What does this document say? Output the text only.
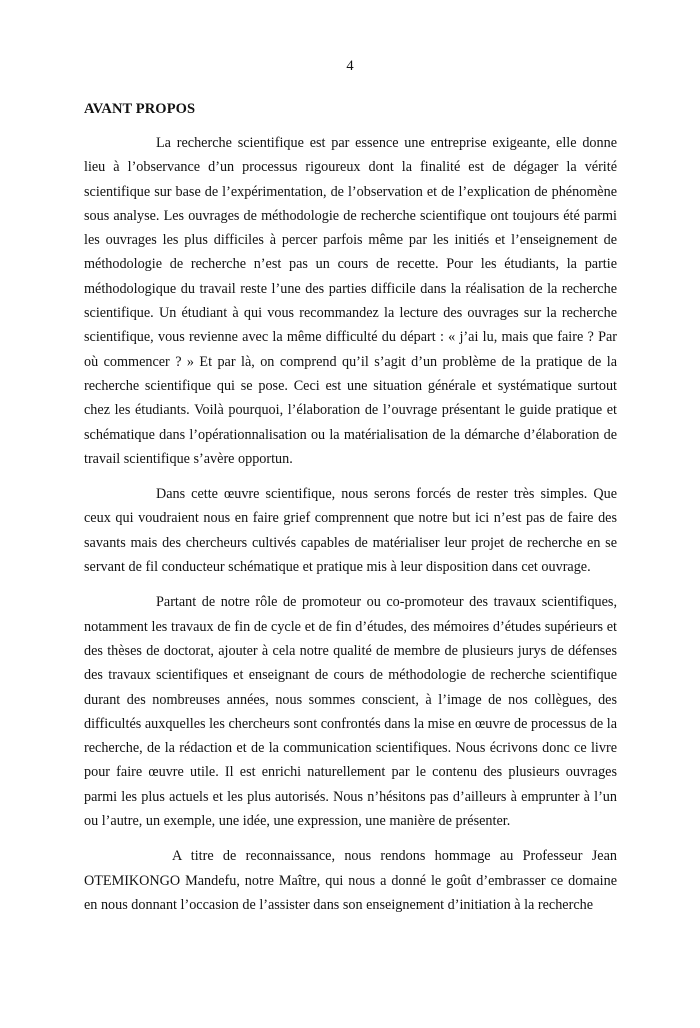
4
AVANT PROPOS

La recherche scientifique est par essence une entreprise exigeante, elle donne lieu à l’observance d’un processus rigoureux dont la finalité est de dégager la vérité scientifique sur base de l’expérimentation, de l’observation et de l’explication de phénomène sous analyse. Les ouvrages de méthodologie de recherche scientifique ont toujours été parmi les ouvrages les plus difficiles à percer parfois même par les initiés et l’enseignement de méthodologie de recherche n’est pas un cours de recette. Pour les étudiants, la partie méthodologique du travail reste l’une des parties difficile dans la réalisation de la recherche scientifique. Un étudiant à qui vous recommandez la lecture des ouvrages sur la recherche scientifique, vous revienne avec la même difficulté du départ : « j’ai lu, mais que faire ? Par où commencer ? » Et par là, on comprend qu’il s’agit d’un problème de la pratique de la recherche scientifique qui se pose. Ceci est une situation générale et systématique surtout chez les étudiants. Voilà pourquoi, l’élaboration de l’ouvrage présentant le guide pratique et schématique dans l’opérationnalisation ou la matérialisation de la démarche d’élaboration de travail scientifique s’avère opportun.

Dans cette œuvre scientifique, nous serons forcés de rester très simples. Que ceux qui voudraient nous en faire grief comprennent que notre but ici n’est pas de faire des savants mais des chercheurs cultivés capables de matérialiser leur projet de recherche en se servant de fil conducteur schématique et pratique mis à leur disposition dans cet ouvrage.

Partant de notre rôle de promoteur ou co-promoteur des travaux scientifiques, notamment les travaux de fin de cycle et de fin d’études, des mémoires d’études supérieurs et des thèses de doctorat, ajouter à cela notre qualité de membre de plusieurs jurys de défenses des travaux scientifiques et enseignant de cours de méthodologie de recherche scientifique durant des nombreuses années, nous sommes conscient, à l’image de nos collègues, des difficultés auxquelles les chercheurs sont confrontés dans la mise en œuvre de processus de la recherche, de la rédaction et de la communication scientifiques. Nous écrivons donc ce livre pour faire œuvre utile. Il est enrichi naturellement par le contenu des plusieurs ouvrages parmi les plus actuels et les plus autorisés. Nous n’hésitons pas d’ailleurs à emprunter à l’un ou l’autre, un exemple, une idée, une expression, une manière de présenter.

A titre de reconnaissance, nous rendons hommage au Professeur Jean OTEMIKONGO Mandefu, notre Maître, qui nous a donné le goût d’embrasser ce domaine en nous donnant l’occasion de l’assister dans son enseignement d’initiation à la recherche
